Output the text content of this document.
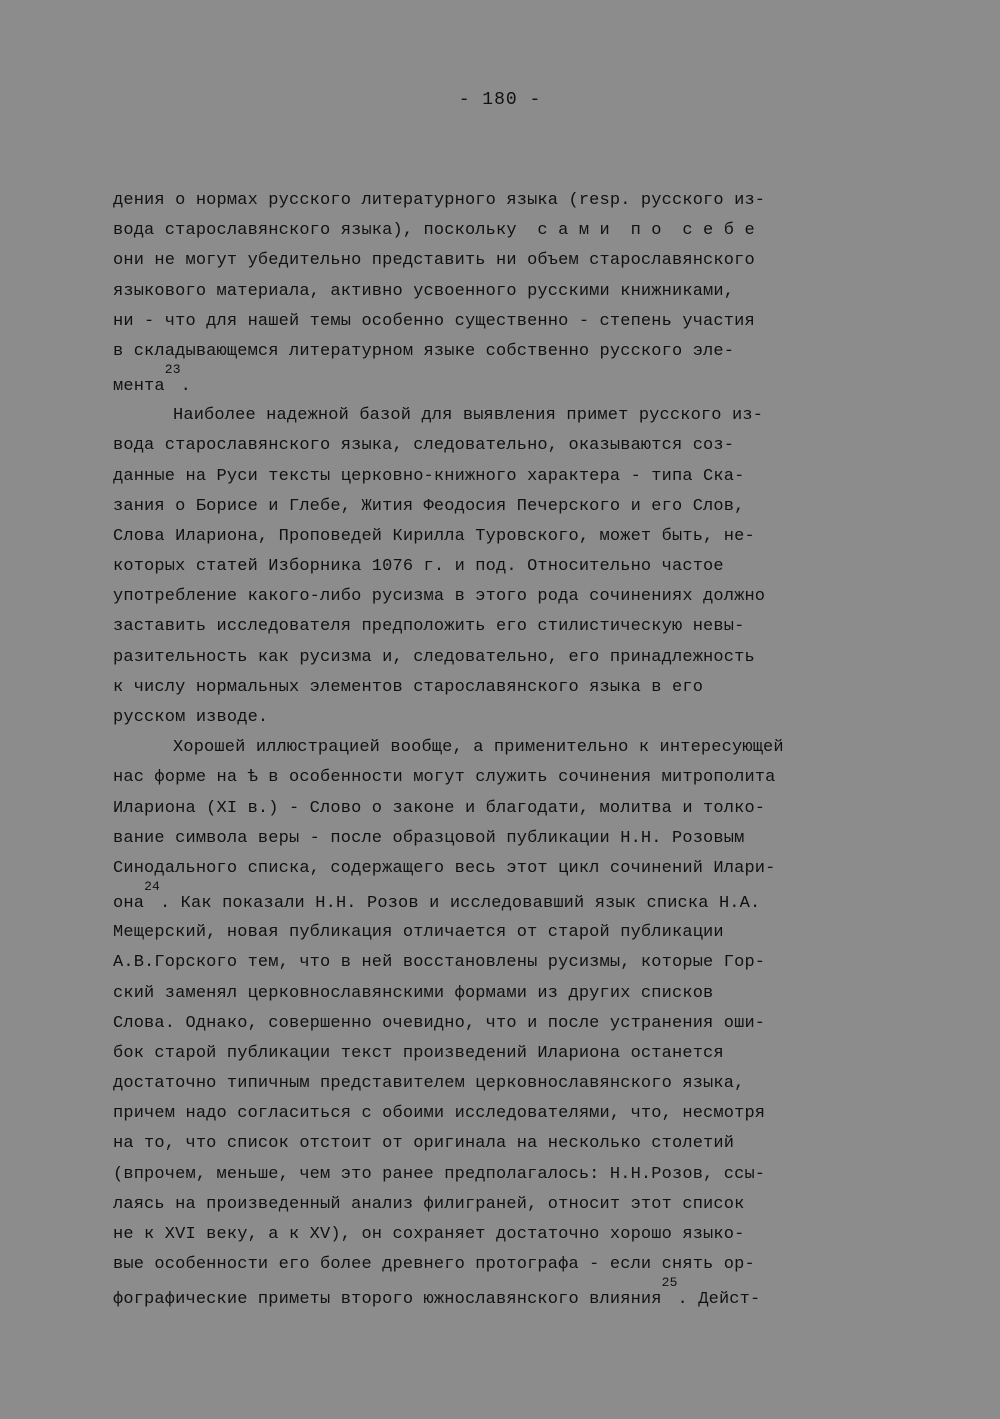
- 180 -
дения о нормах русского литературного языка (resp. русского из-
вода старославянского языка), поскольку  с а м и  п о  с е б е
они не могут убедительно представить ни объем старославянского
языкового материала, активно усвоенного русскими книжниками,
ни - что для нашей темы особенно существенно - степень участия
в складывающемся литературном языке собственно русского эле-
мента$^{23}$.
Наиболее надежной базой для выявления примет русского из-
вода старославянского языка, следовательно, оказываются соз-
данные на Руси тексты церковно-книжного характера - типа Ска-
зания о Борисе и Глебе, Жития Феодосия Печерского и его Слов,
Слова Илариона, Проповедей Кирилла Туровского, может быть, не-
которых статей Изборника 1076 г. и под. Относительно частое
употребление какого-либо русизма в этого рода сочинениях должно
заставить исследователя предположить его стилистическую невы-
разительность как русизма и, следовательно, его принадлежность
к числу нормальных элементов старославянского языка в его
русском изводе.
Хорошей иллюстрацией вообще, а применительно к интересующей
нас форме на ѣ в особенности могут служить сочинения митрополита
Илариона (XI в.) - Слово о законе и благодати, молитва и толко-
вание символа веры - после образцовой публикации Н.Н. Розовым
Синодального списка, содержащего весь этот цикл сочинений Илари-
она$^{24}$. Как показали Н.Н. Розов и исследовавший язык списка Н.А.
Мещерский, новая публикация отличается от старой публикации
А.В.Горского тем, что в ней восстановлены русизмы, которые Гор-
ский заменял церковнославянскими формами из других списков
Слова. Однако, совершенно очевидно, что и после устранения оши-
бок старой публикации текст произведений Илариона останется
достаточно типичным представителем церковнославянского языка,
причем надо согласиться с обоими исследователями, что, несмотря
на то, что список отстоит от оригинала на несколько столетий
(впрочем, меньше, чем это ранее предполагалось: Н.Н.Розов, ссы-
лаясь на произведенный анализ филиграней, относит этот список
не к XVI веку, а к XV), он сохраняет достаточно хорошо языко-
вые особенности его более древнего протографа - если снять ор-
фографические приметы второго южнославянского влияния$^{25}$. Дейст-
